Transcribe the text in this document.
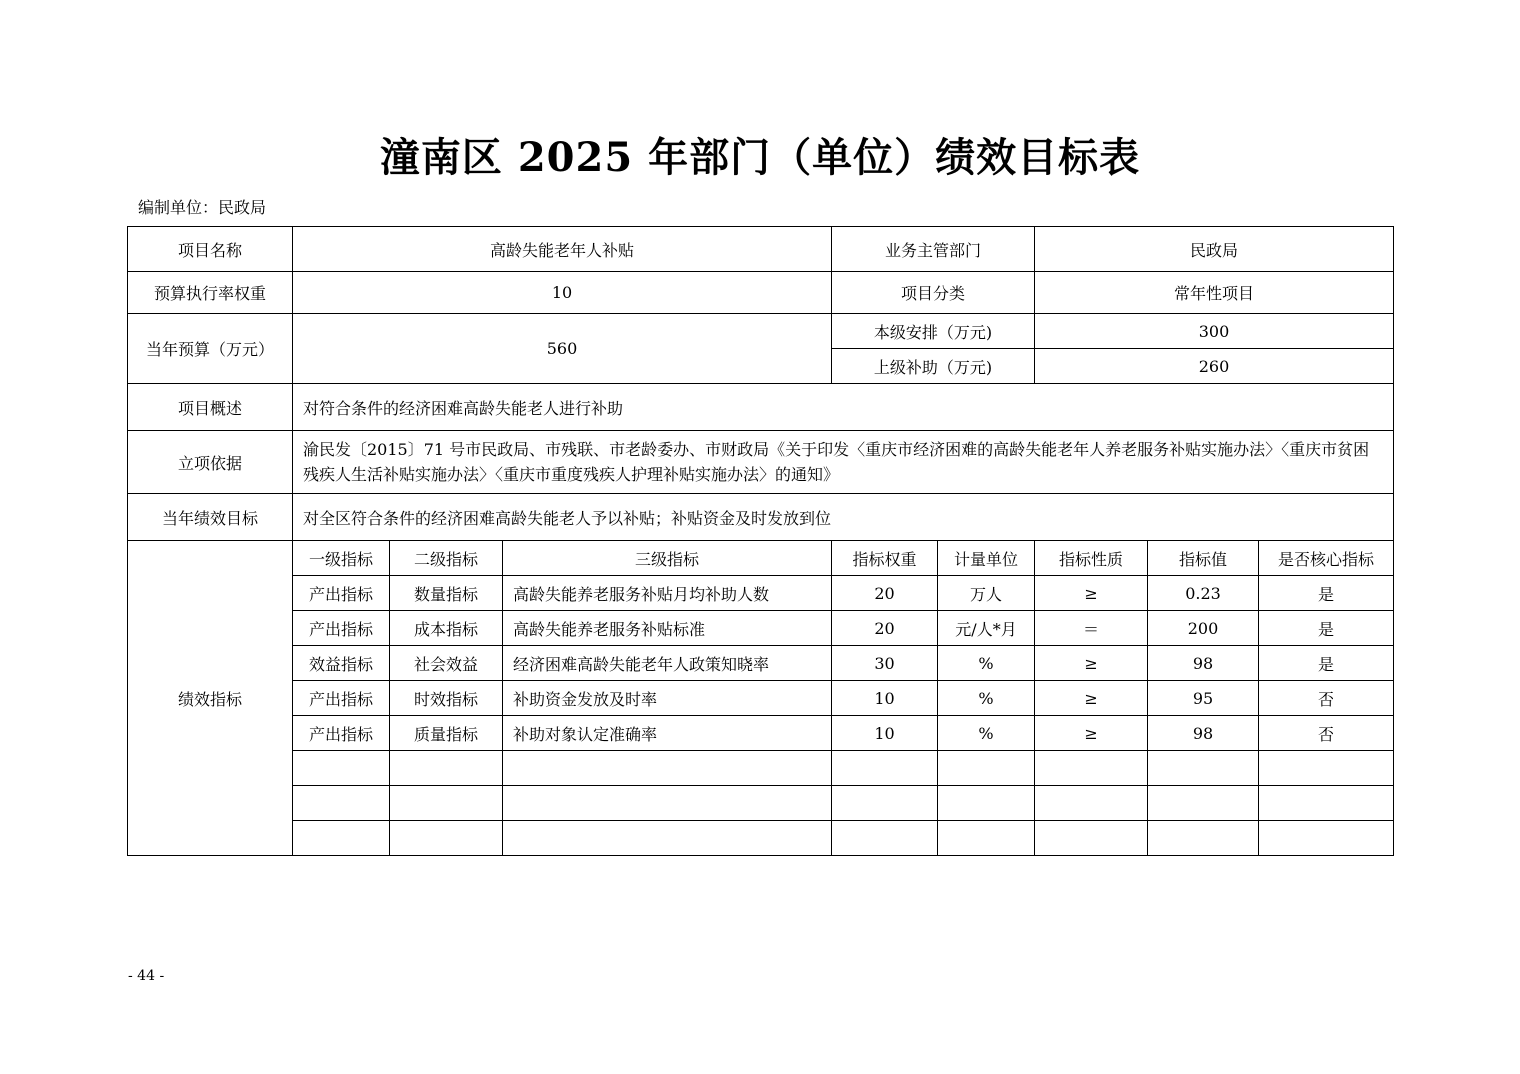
潼南区 2025 年部门（单位）绩效目标表
编制单位：民政局
项目名称	高龄失能老年人补贴			业务主管部门		民政局		
预算执行率权重	10			项目分类		常年性项目		
当年预算（万元）	560			本级安排（万元)		300		
				上级补助（万元)		260		
项目概述	对符合条件的经济困难高龄失能老人进行补助							
立项依据	渝民发〔2015〕71 号市民政局、市残联、市老龄委办、市财政局《关于印发〈重庆市经济困难的高龄失能老年人养老服务补贴实施办法〉〈重庆市贫困残疾人生活补贴实施办法〉〈重庆市重度残疾人护理补贴实施办法〉的通知》							
当年绩效目标	对全区符合条件的经济困难高龄失能老人予以补贴；补贴资金及时发放到位							
绩效指标	一级指标	二级指标	三级指标	指标权重	计量单位	指标性质	指标值	是否核心指标
	产出指标	数量指标	高龄失能养老服务补贴月均补助人数	20	万人	≥	0.23	是
	产出指标	成本指标	高龄失能养老服务补贴标准	20	元/人*月	＝	200	是
	效益指标	社会效益	经济困难高龄失能老年人政策知晓率	30	%	≥	98	是
	产出指标	时效指标	补助资金发放及时率	10	%	≥	95	否
	产出指标	质量指标	补助对象认定准确率	10	%	≥	98	否

- 44 -
